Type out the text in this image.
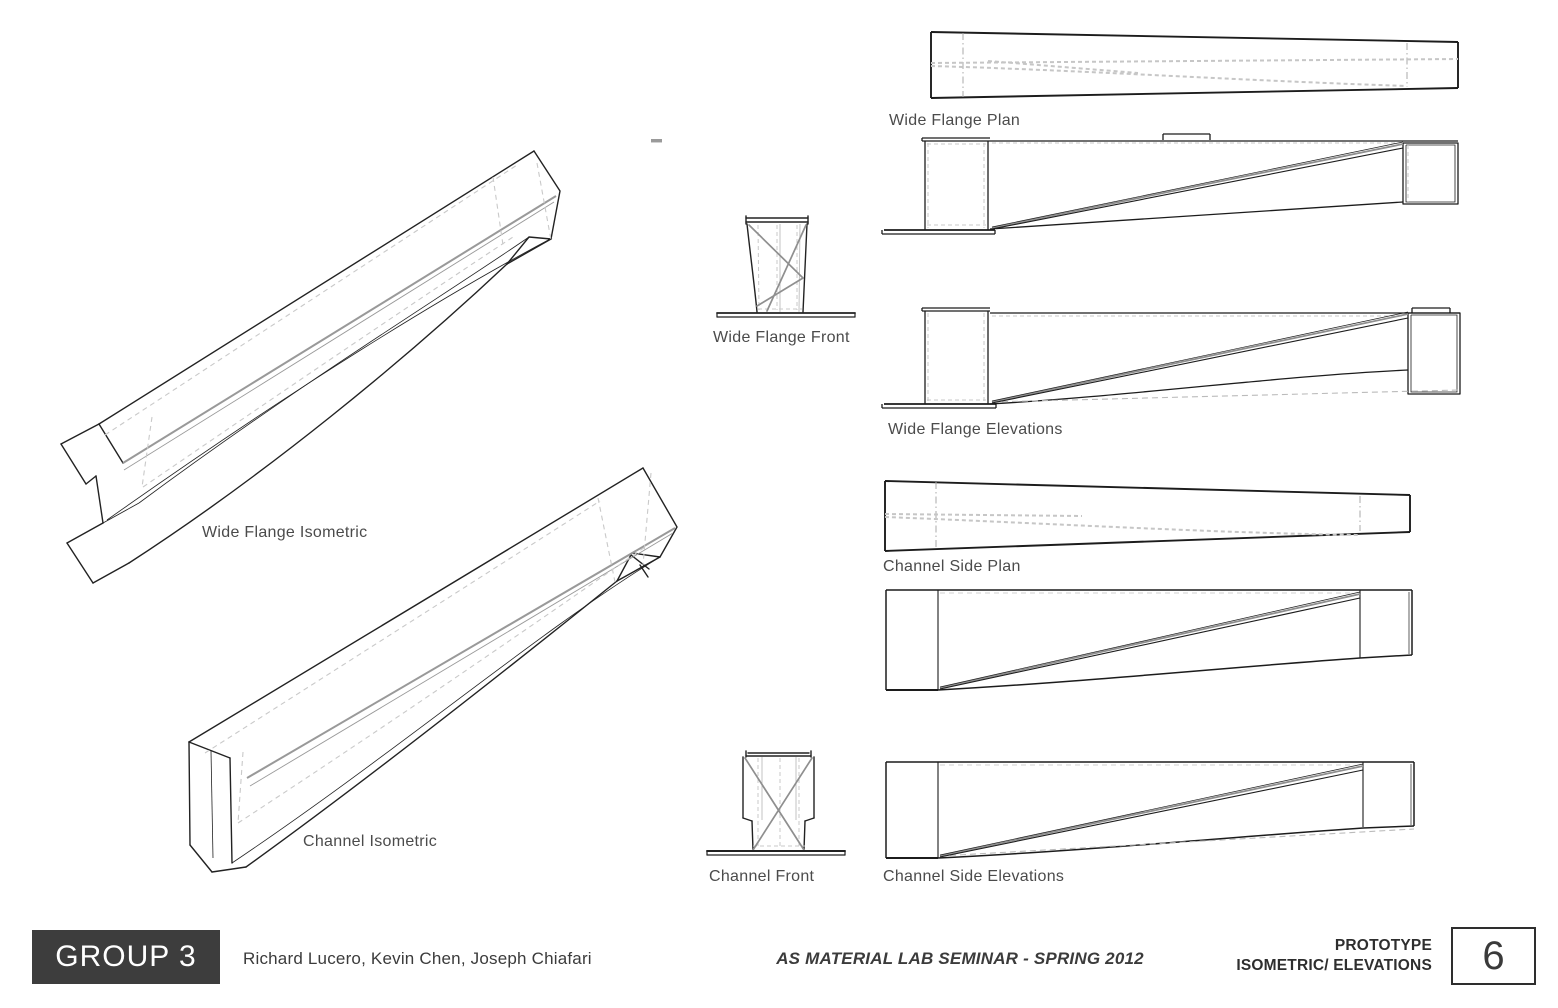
Wide Flange Isometric
Channel Isometric
Wide Flange Front
Channel Front
Wide Flange Plan
Wide Flange Elevations
Channel Side Plan
Channel Side Elevations
GROUP 3	Richard Lucero, Kevin Chen, Joseph Chiafari	AS MATERIAL LAB SEMINAR - SPRING 2012
PROTOTYPE
ISOMETRIC/ ELEVATIONS 6
